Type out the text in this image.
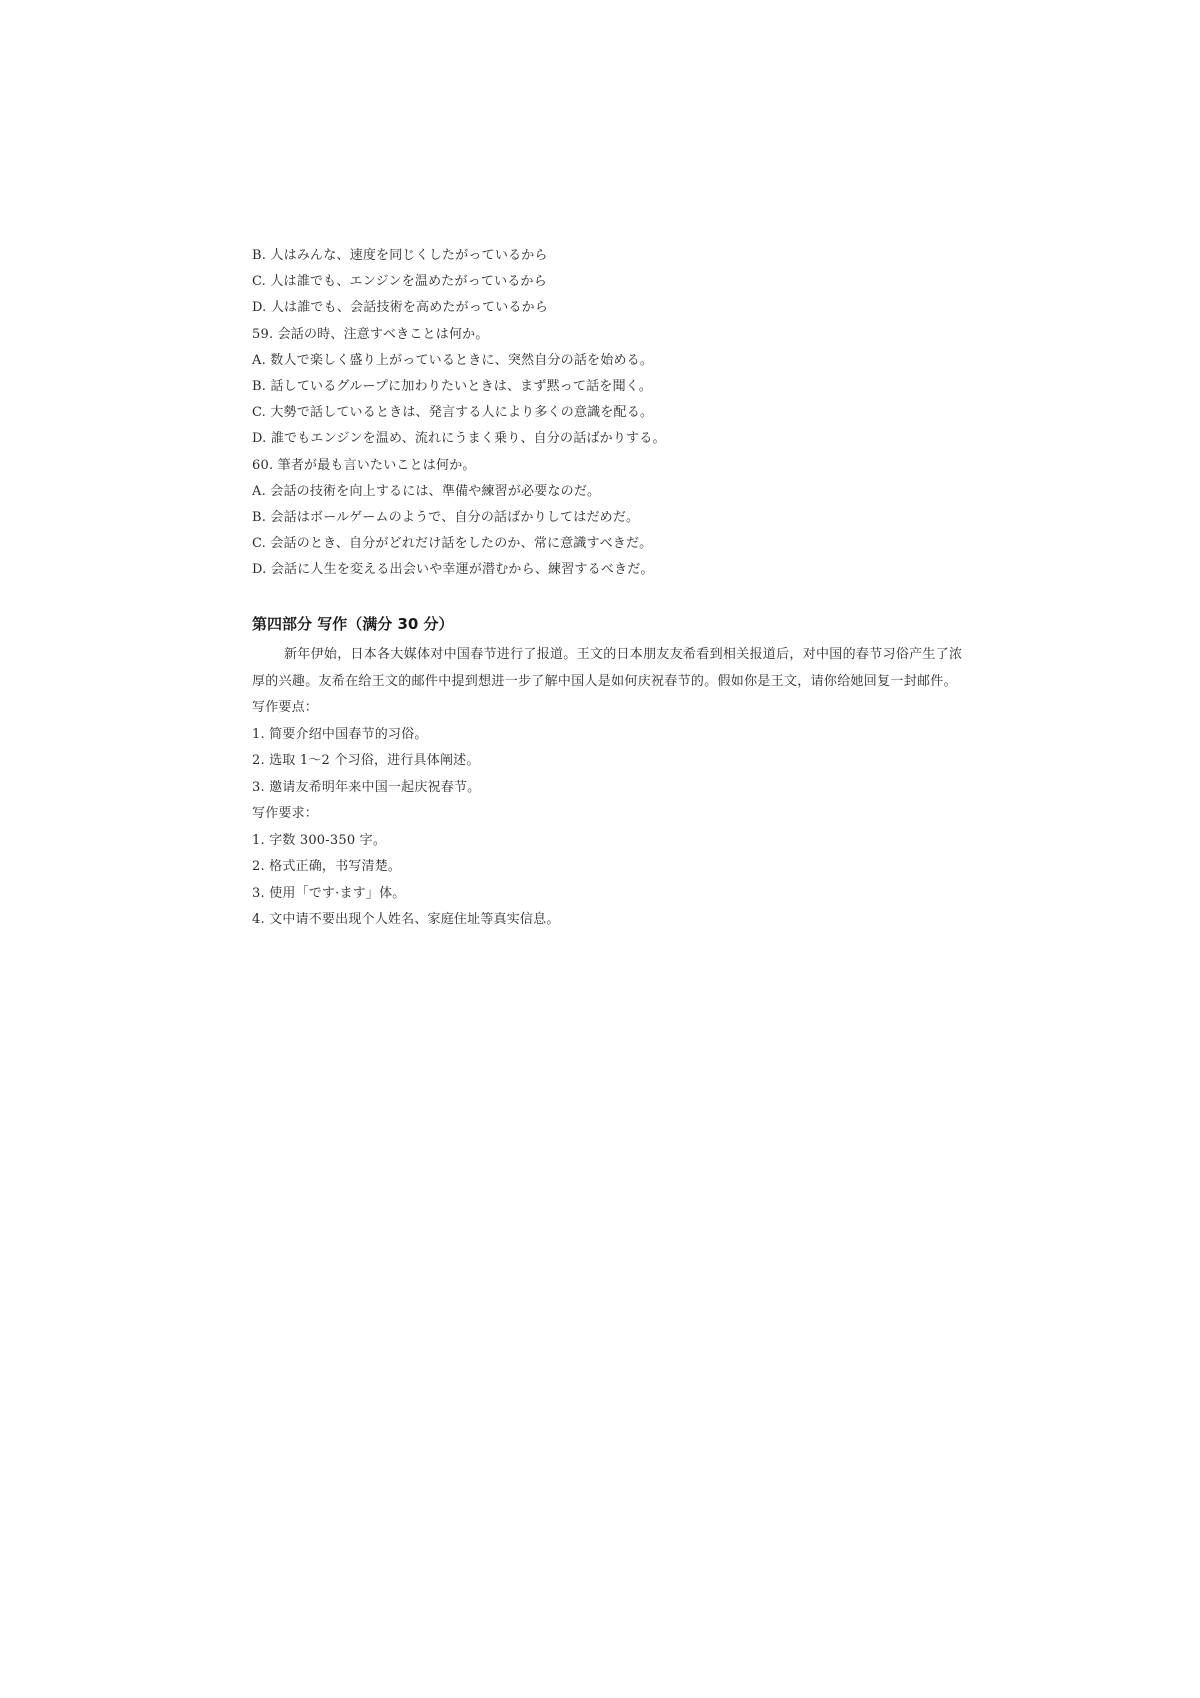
B. 人はみんな、速度を同じくしたがっているから
C. 人は誰でも、エンジンを温めたがっているから
D. 人は誰でも、会話技術を高めたがっているから
59. 会話の時、注意すべきことは何か。
A. 数人で楽しく盛り上がっているときに、突然自分の話を始める。
B. 話しているグループに加わりたいときは、まず黙って話を聞く。
C. 大勢で話しているときは、発言する人により多くの意識を配る。
D. 誰でもエンジンを温め、流れにうまく乗り、自分の話ばかりする。
60. 筆者が最も言いたいことは何か。
A. 会話の技術を向上するには、準備や練習が必要なのだ。
B. 会話はボールゲームのようで、自分の話ばかりしてはだめだ。
C. 会話のとき、自分がどれだけ話をしたのか、常に意識すべきだ。
D. 会話に人生を変える出会いや幸運が潜むから、練習するべきだ。
第四部分 写作（满分 30 分）

新年伊始，日本各大媒体对中国春节进行了报道。王文的日本朋友友希看到相关报道后，对中国的春节习俗产生了浓厚的兴趣。友希在给王文的邮件中提到想进一步了解中国人是如何庆祝春节的。假如你是王文，请你给她回复一封邮件。

写作要点：
1. 简要介绍中国春节的习俗。
2. 选取 1～2 个习俗，进行具体阐述。
3. 邀请友希明年来中国一起庆祝春节。
写作要求：
1. 字数 300-350 字。
2. 格式正确，书写清楚。
3. 使用「です·ます」体。
4. 文中请不要出现个人姓名、家庭住址等真实信息。
